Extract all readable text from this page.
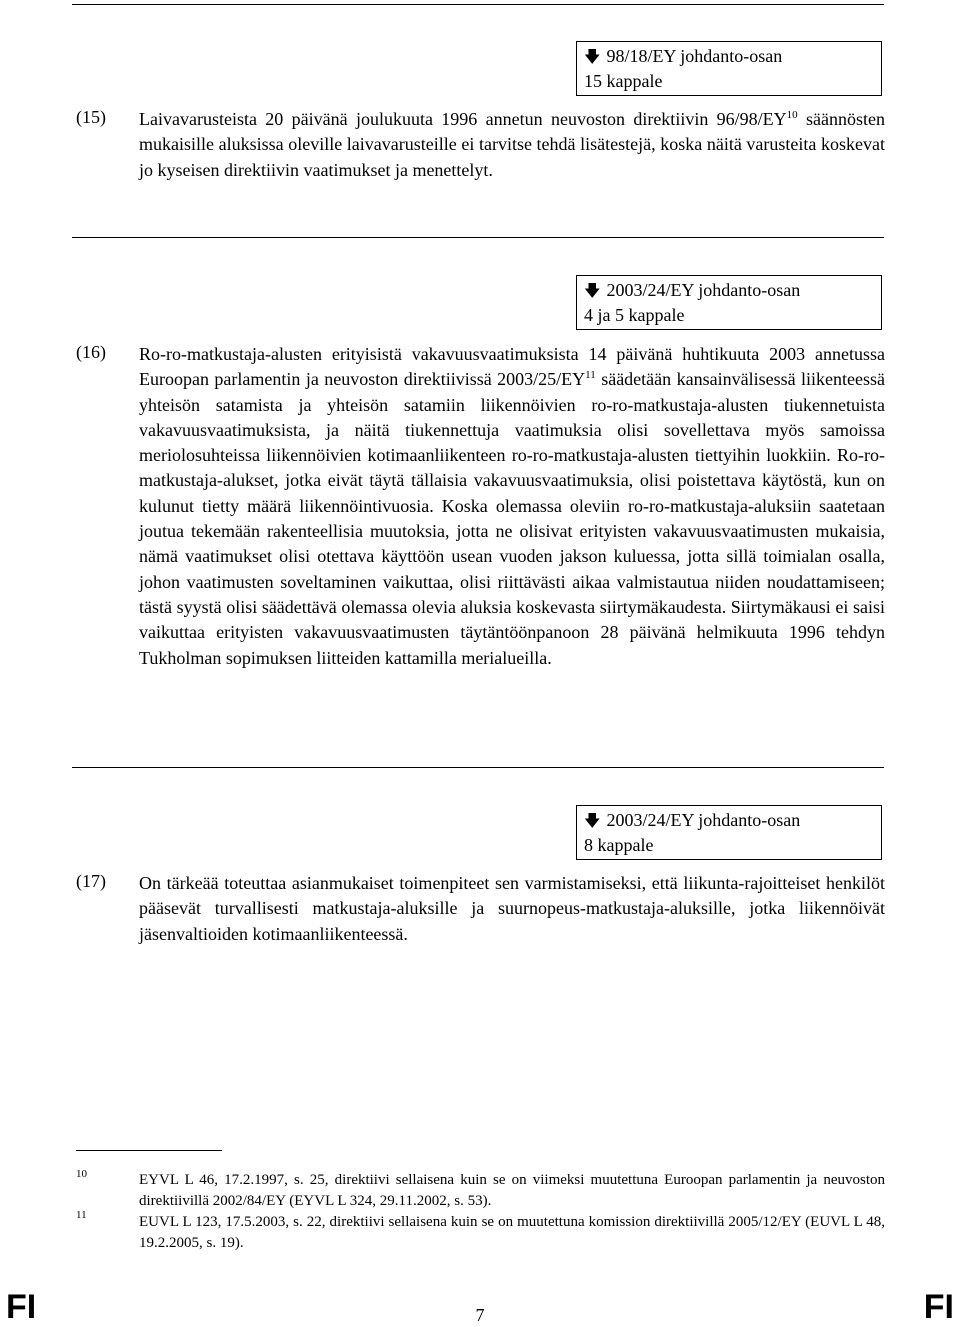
🡇 98/18/EY johdanto-osan
15 kappale
(15) Laivavarusteista 20 päivänä joulukuuta 1996 annetun neuvoston direktiivin 96/98/EY$^{10}$ säännösten mukaisille aluksissa oleville laivavarusteille ei tarvitse tehdä lisätestejä, koska näitä varusteita koskevat jo kyseisen direktiivin vaatimukset ja menettelyt.
🡇 2003/24/EY johdanto-osan
4 ja 5 kappale
(16) Ro-ro-matkustaja-alusten erityisistä vakavuusvaatimuksista 14 päivänä huhtikuuta 2003 annetussa Euroopan parlamentin ja neuvoston direktiivissä 2003/25/EY$^{11}$ säädetään kansainvälisessä liikenteessä yhteisön satamista ja yhteisön satamiin liikennöivien ro-ro-matkustaja-alusten tiukennetuista vakavuusvaatimuksista, ja näitä tiukennettuja vaatimuksia olisi sovellettava myös samoissa meriolosuhteissa liikennöivien kotimaanliikenteen ro-ro-matkustaja-alusten tiettyihin luokkiin. Ro-ro-matkustaja-alukset, jotka eivät täytä tällaisia vakavuusvaatimuksia, olisi poistettava käytöstä, kun on kulunut tietty määrä liikennöintivuosia. Koska olemassa oleviin ro-ro-matkustaja-aluksiin saatetaan joutua tekemään rakenteellisia muutoksia, jotta ne olisivat erityisten vakavuusvaatimusten mukaisia, nämä vaatimukset olisi otettava käyttöön usean vuoden jakson kuluessa, jotta sillä toimialan osalla, johon vaatimusten soveltaminen vaikuttaa, olisi riittävästi aikaa valmistautua niiden noudattamiseen; tästä syystä olisi säädettävä olemassa olevia aluksia koskevasta siirtymäkaudesta. Siirtymäkausi ei saisi vaikuttaa erityisten vakavuusvaatimusten täytäntöönpanoon 28 päivänä helmikuuta 1996 tehdyn Tukholman sopimuksen liitteiden kattamilla merialueilla.
🡇 2003/24/EY johdanto-osan
8 kappale
(17) On tärkeää toteuttaa asianmukaiset toimenpiteet sen varmistamiseksi, että liikunta-rajoitteiset henkilöt pääsevät turvallisesti matkustaja-aluksille ja suurnopeus-matkustaja-aluksille, jotka liikennöivät jäsenvaltioiden kotimaanliikenteessä.
10	EYVL L 46, 17.2.1997, s. 25, direktiivi sellaisena kuin se on viimeksi muutettuna Euroopan parlamentin ja neuvoston direktiivillä 2002/84/EY (EYVL L 324, 29.11.2002, s. 53).
11	EUVL L 123, 17.5.2003, s. 22, direktiivi sellaisena kuin se on muutettuna komission direktiivillä 2005/12/EY (EUVL L 48, 19.2.2005, s. 19).
FI	7	FI
